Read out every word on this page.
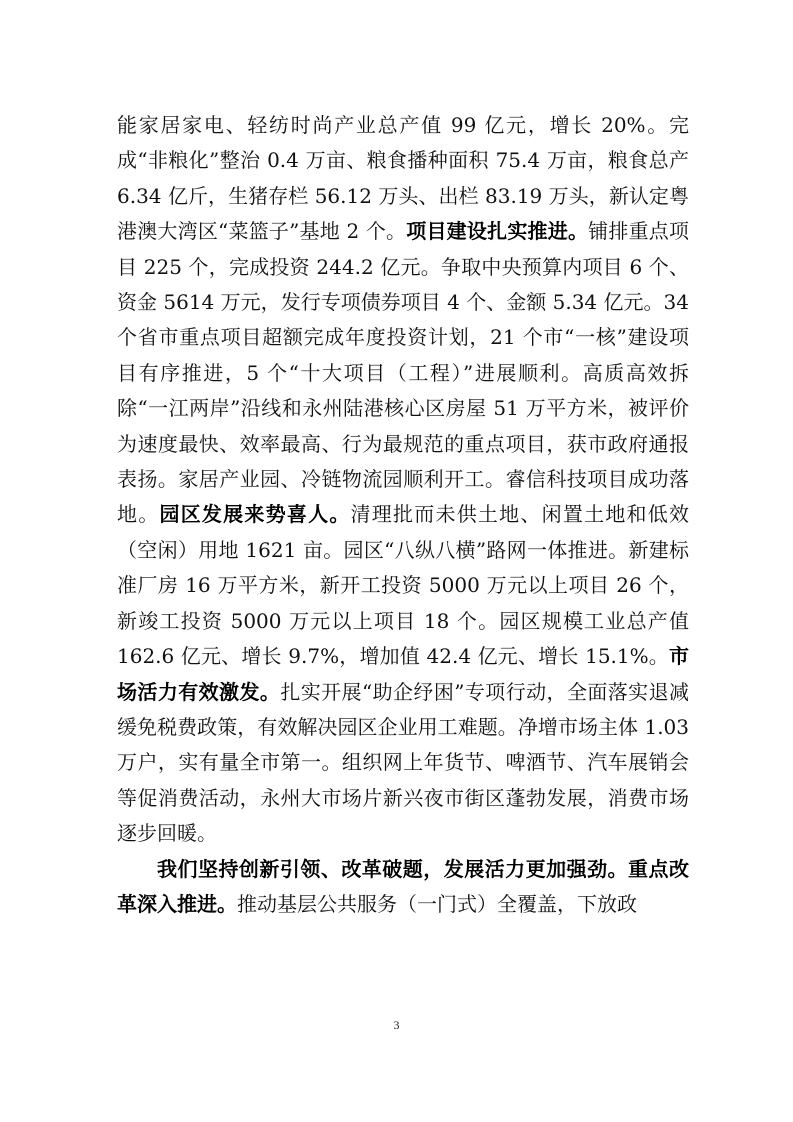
能家居家电、轻纺时尚产业总产值 99 亿元，增长 20%。完成“非粮化”整治 0.4 万亩、粮食播种面积 75.4 万亩，粮食总产 6.34 亿斤，生猪存栏 56.12 万头、出栏 83.19 万头，新认定粤港澳大湾区“菜篮子”基地 2 个。项目建设扎实推进。铺排重点项目 225 个，完成投资 244.2 亿元。争取中央预算内项目 6 个、资金 5614 万元，发行专项债券项目 4 个、金额 5.34 亿元。34 个省市重点项目超额完成年度投资计划，21 个市“一核”建设项目有序推进，5 个“十大项目（工程）”进展顺利。高质高效拆除“一江两岸”沿线和永州陆港核心区房屋 51 万平方米，被评价为速度最快、效率最高、行为最规范的重点项目，获市政府通报表扬。家居产业园、冷链物流园顺利开工。睿信科技项目成功落地。园区发展来势喜人。清理批而未供土地、闲置土地和低效（空闲）用地 1621 亩。园区“八纵八横”路网一体推进。新建标准厂房 16 万平方米，新开工投资 5000 万元以上项目 26 个，新竣工投资 5000 万元以上项目 18 个。园区规模工业总产值 162.6 亿元、增长 9.7%，增加值 42.4 亿元、增长 15.1%。市场活力有效激发。扎实开展“助企纾困”专项行动，全面落实退减缓免税费政策，有效解决园区企业用工难题。净增市场主体 1.03 万户，实有量全市第一。组织网上年货节、啤酒节、汽车展销会等促消费活动，永州大市场片新兴夜市街区蓬勃发展，消费市场逐步回暖。

我们坚持创新引领、改革破题，发展活力更加强劲。重点改革深入推进。推动基层公共服务（一门式）全覆盖，下放政

3
